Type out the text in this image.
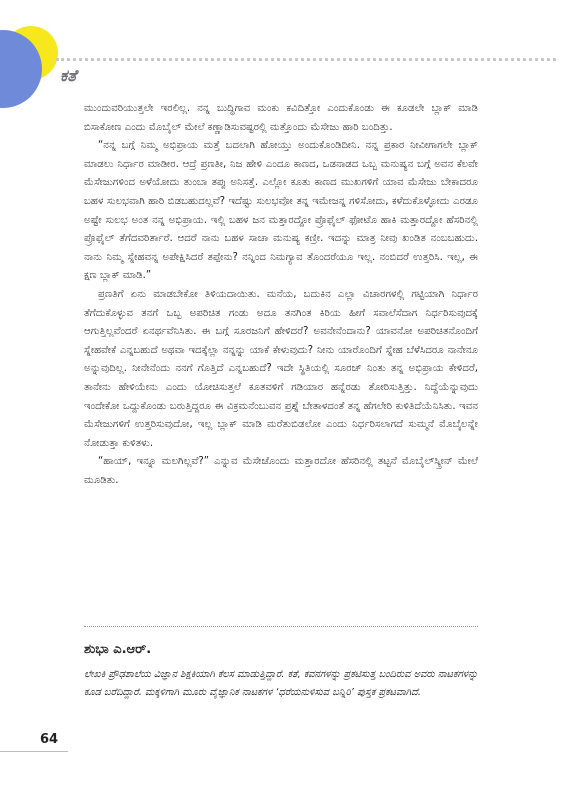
ಕತೆ

ಮುಂದುವರಿಯುತ್ತಲೇ ಇರಲಿಲ್ಲ. ನನ್ನ ಬುದ್ಧಿಗಾವ ಮಂಕು ಕವಿದಿತ್ತೋ ಎಂದುಕೊಂಡು ಈ ಕೂಡಲೇ ಬ್ಲಾಕ್ ಮಾಡಿ ಬಿಸಾಕೋಣ ಎಂದು ಮೊಬೈಲ್ ಮೇಲೆ ಕಣ್ಣಾಡಿಸುವಷ್ಟರಲ್ಲಿ ಮತ್ತೊಂದು ಮೆಸೇಜು ಹಾರಿ ಬಂದಿತ್ತು.

“ನನ್ನ ಬಗ್ಗೆ ನಿಮ್ಮ ಅಭಿಪ್ರಾಯ ಮತ್ತೆ ಬದಲಾಗಿ ಹೋಯ್ತು ಅಂದುಕೊಂಡಿದೀನಿ. ನನ್ನ ಪ್ರಕಾರ ನೀವೀಗಾಗಲೇ ಬ್ಲಾಕ್ ಮಾಡಲು ನಿರ್ಧಾರ ಮಾಡೀರ. ಆದ್ರೆ ಪ್ರಣತೀ, ನಿಜ ಹೇಳಿ ಎಂದೂ ಕಾಣದ, ಒಡನಾಡದ ಒಬ್ಬ ಮನುಷ್ಯನ ಬಗ್ಗೆ ಅವನ ಕೆಲವೇ ಮೆಸೇಜುಗಳಿಂದ ಅಳೆಯೋದು ತುಂಬಾ ತಪ್ಪು ಅನಿಸತ್ತೆ. ಎಲ್ಲೋ ಕೂತು ಕಾಣದ ಮುಖಗಳಿಗೆ ಯಾವ ಮೆಸೇಜು ಬೇಕಾದರೂ ಬಹಳ ಸುಲಭವಾಗಿ ಹಾರಿ ಬಿಡಬಹುದಲ್ಲವೆ? ಇದೆಷ್ಟು ಸುಲಭವೋ ತನ್ನ ಇಮೇಜನ್ನ ಗಳಿಸೋದು, ಕಳೆದುಕೊಳ್ಳೋದು ಎರಡೂ ಅಷ್ಟೇ ಸುಲಭ ಅಂತ ನನ್ನ ಅಭಿಪ್ರಾಯ. ಇಲ್ಲಿ ಬಹಳ ಜನ ಮತ್ತಾರದ್ದೋ ಪ್ರೊಫೈಲ್ ಫೋಟೊ ಹಾಕಿ ಮತ್ತಾರದ್ದೋ ಹೆಸರಿನಲ್ಲಿ ಪ್ರೊಫೈಲ್ ತೆಗೆದವರಿರ್ತಾರೆ. ಆದರೆ ನಾನು ಬಹಳ ಸಾಚಾ ಮನುಷ್ಯ ಕಣ್ರೀ. ಇದನ್ನು ಮಾತ್ರ ನೀವು ಖಂಡಿತ ನಂಬಬಹುದು. ನಾನು ನಿಮ್ಮ ಸ್ನೇಹವನ್ನ ಅಪೇಕ್ಷಿಸಿದರೆ ತಪ್ಪೇನು? ನನ್ನಿಂದ ನಿಮಗ್ಯಾವ ತೊಂದರೆಯೂ ಇಲ್ಲ. ನಂಬಿದರೆ ಉತ್ತರಿಸಿ. ಇಲ್ಲ, ಈ ಕ್ಷಣ ಬ್ಲಾಕ್ ಮಾಡಿ.”

ಪ್ರಣತಿಗೆ ಏನು ಮಾಡಬೇಕೋ ತಿಳಿಯದಾಯಿತು. ಮನೆಯ, ಬದುಕಿನ ಎಲ್ಲಾ ವಿಚಾರಗಳಲ್ಲಿ ಗಟ್ಟಿಯಾಗಿ ನಿರ್ಧಾರ ತೆಗೆದುಕೊಳ್ಳುವ ತನಗೆ ಒಬ್ಬ ಅಪರಿಚಿತ ಗಂಡು ಅದೂ ತನಗಿಂತ ಕಿರಿಯ ಹೀಗೆ ಸವಾಲೆಸೆದಾಗ ನಿರ್ಧರಿಸುವುದಕ್ಕೆ ಆಗುತ್ತಿಲ್ಲವೆಂದರೆ ಏನರ್ಥವೆನಿಸಿತು. ಈ ಬಗ್ಗೆ ಸೂರಜನಿಗೆ ಹೇಳಿದರೆ? ಅವನೇನೆಂದಾನು? ಯಾವನೋ ಅಪರಿಚಿತನೊಂದಿಗೆ ಸ್ನೇಹವೇಕೆ ಎನ್ನಬಹುದೆ ಅಥವಾ ಇದಕ್ಕೆಲ್ಲಾ ನನ್ನನ್ನು ಯಾಕೆ ಕೇಳುವುದು? ನೀನು ಯಾರೊಂದಿಗೆ ಸ್ನೇಹ ಬೆಳೆಸಿದರೂ ನಾನೇನೂ ಅನ್ನುವುದಿಲ್ಲ. ನೀನೇನೆಂದು ನನಗೆ ಗೊತ್ತಿದೆ ಎನ್ನಬಹುದೆ? ಇದೇ ಸ್ಥಿತಿಯಲ್ಲಿ ಸೂರಜ್ ನಿಂತು ತನ್ನ ಅಭಿಪ್ರಾಯ ಕೇಳಿದರೆ, ತಾನೇನು ಹೇಳಿಯೇನು ಎಂದು ಯೋಚಿಸುತ್ತಲೆ ಕೂತವಳಿಗೆ ಗಡಿಯಾರ ಹನ್ನೆರಡು ತೋರಿಸುತ್ತಿತ್ತು. ನಿದ್ದೆಯೆನ್ನುವುದು ಇಂದೇಕೋ ಒದ್ದುಕೊಂಡು ಬರುತ್ತಿದ್ದರೂ ಈ ವಿಕ್ರಮನೆಂಬುವನ ಪ್ರಶ್ನೆ ಬೇತಾಳದಂತೆ ತನ್ನ ಹೆಗಲೇರಿ ಕುಳಿತಿದೆಯೆನಿಸಿತು. ಇವನ ಮೆಸೇಜುಗಳಿಗೆ ಉತ್ತರಿಸುವುದೋ, ಇಲ್ಲ ಬ್ಲಾಕ್ ಮಾಡಿ ಮರೆತುಬಿಡಲೋ ಎಂದು ನಿರ್ಧರಿಸಲಾಗದೆ ಸುಮ್ಮನೆ ಮೊಬೈಲನ್ನೇ ನೋಡುತ್ತಾ ಕುಳಿತಳು.

“ಹಾಯ್, ಇನ್ನೂ ಮಲಗಿಲ್ಲವೆ?” ಎನ್ನುವ ಮೆಸೇಜೊಂದು ಮತ್ತಾರದೋ ಹೆಸರಿನಲ್ಲಿ ತಟ್ಟನೆ ಮೊಬೈಲ್‌ಸ್ಕ್ರೀನ್ ಮೇಲೆ ಮೂಡಿತು.

ಶುಭಾ ಎ.ಆರ್.
ಲೇಖಕಿ ಪ್ರೌಢಶಾಲೆಯ ವಿಜ್ಞಾನ ಶಿಕ್ಷಕಿಯಾಗಿ ಕೆಲಸ ಮಾಡುತ್ತಿದ್ದಾರೆ. ಕತೆ, ಕವನಗಳನ್ನು ಪ್ರಕಟಿಸುತ್ತ ಬಂದಿರುವ ಅವರು ನಾಟಕಗಳನ್ನು ಕೂಡ ಬರೆದಿದ್ದಾರೆ. ಮಕ್ಕಳಿಗಾಗಿ ಮೂರು ವೈಜ್ಞಾನಿಕ ನಾಟಕಗಳ ‘ಧರೆಯನುಳಿಸುವ ಬನ್ನಿರಿ’ ಪುಸ್ತಕ ಪ್ರಕಟವಾಗಿದೆ.
64
